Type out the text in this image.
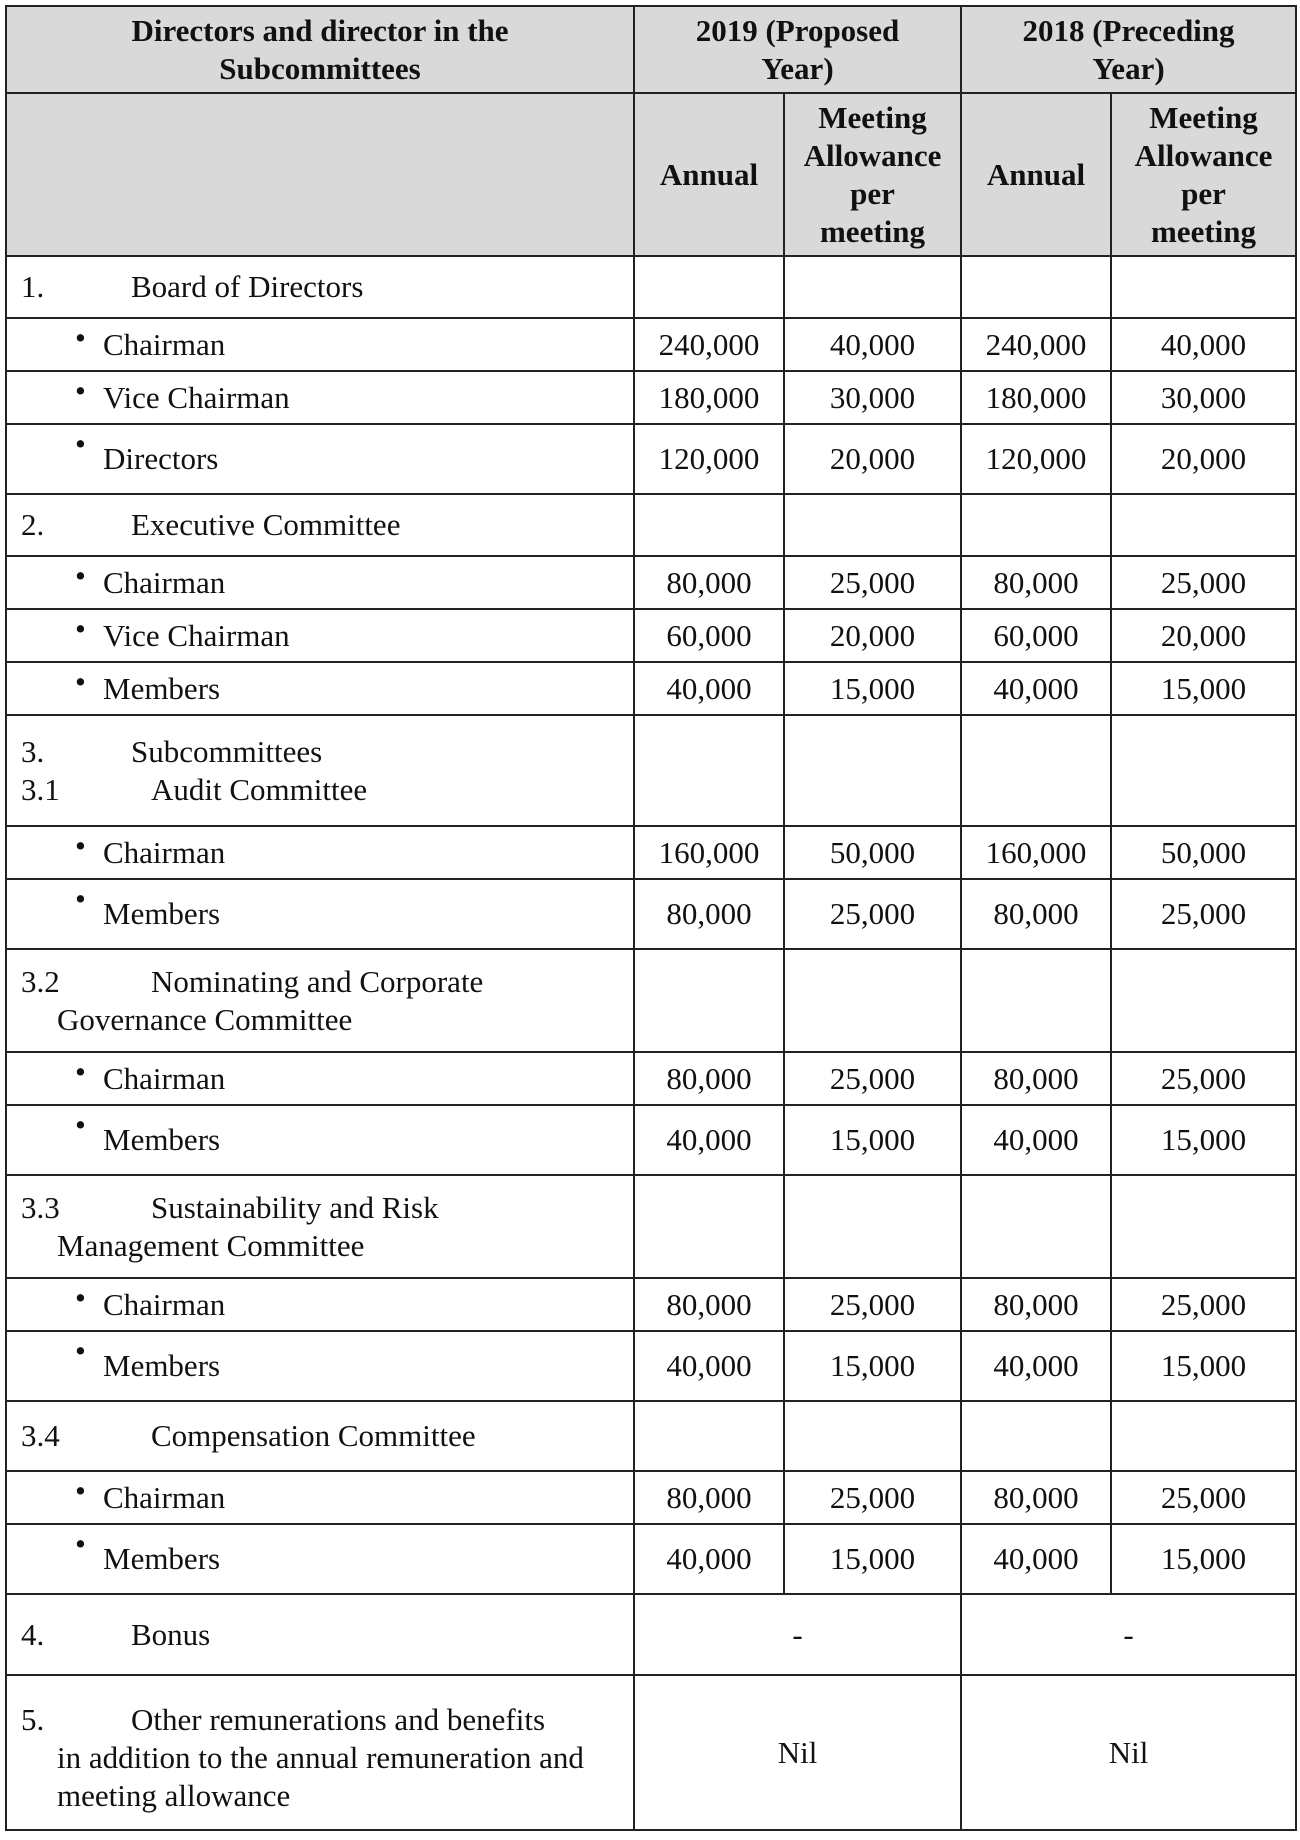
Directors and director in the Subcommittees	2019 (Proposed Year)		2018 (Preceding Year)	
	Annual	Meeting Allowance per meeting	Annual	Meeting Allowance per meeting
1. Board of Directors				

• Chairman	240,000	40,000	240,000	40,000

• Vice Chairman	180,000	30,000	180,000	30,000

• Directors	120,000	20,000	120,000	20,000
2. Executive Committee				

• Chairman	80,000	25,000	80,000	25,000

• Vice Chairman	60,000	20,000	60,000	20,000

• Members	40,000	15,000	40,000	15,000

3. Subcommittees
3.1 Audit Committee				

• Chairman	160,000	50,000	160,000	50,000

• Members	80,000	25,000	80,000	25,000

3.2 Nominating and Corporate
Governance Committee				

• Chairman	80,000	25,000	80,000	25,000

• Members	40,000	15,000	40,000	15,000

3.3 Sustainability and Risk
Management Committee				

• Chairman	80,000	25,000	80,000	25,000

• Members	40,000	15,000	40,000	15,000
3.4 Compensation Committee				

• Chairman	80,000	25,000	80,000	25,000

• Members	40,000	15,000	40,000	15,000
4. Bonus	-		-	

5. Other remunerations and benefits
in addition to the annual remuneration and meeting allowance	Nil		Nil	
